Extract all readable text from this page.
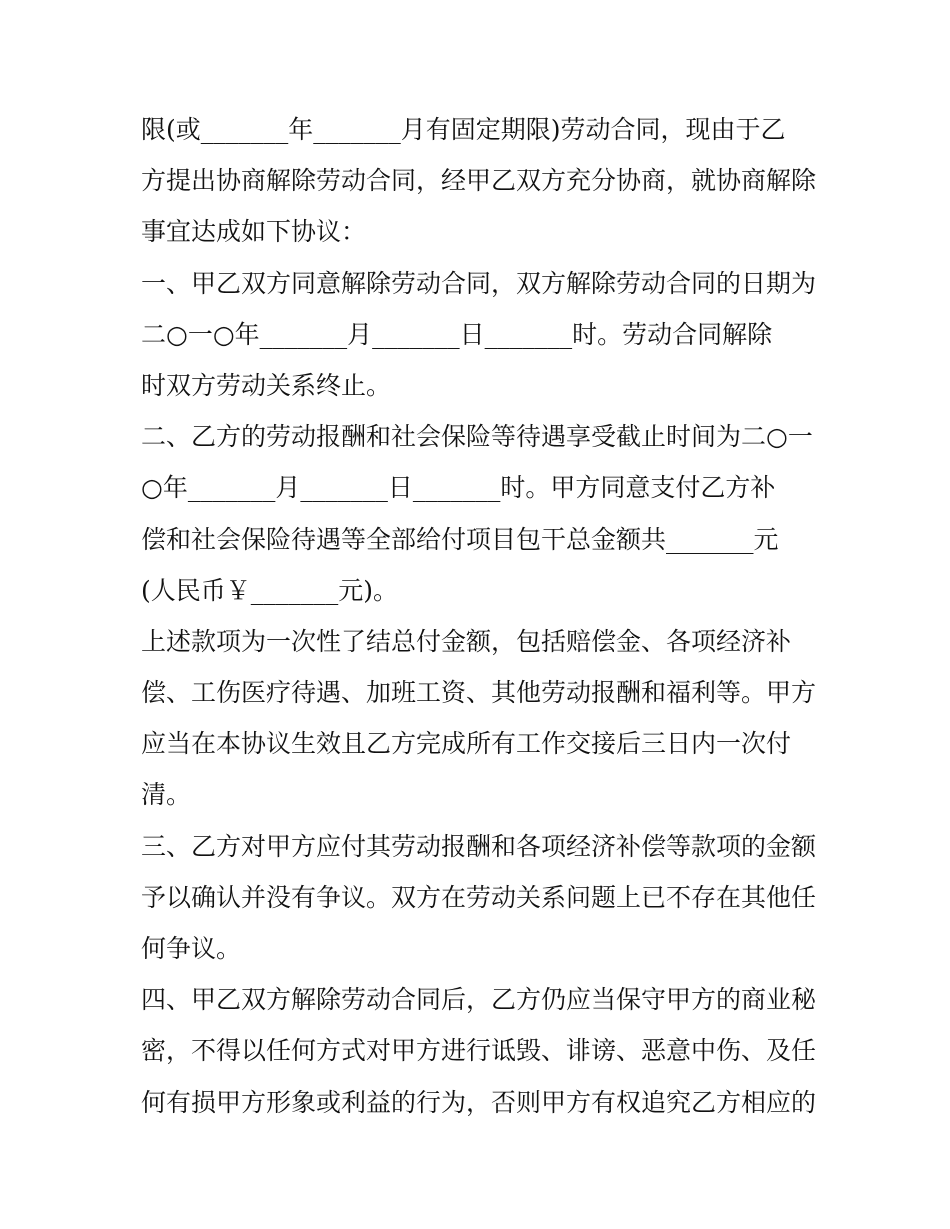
限(或_______年_______月有固定期限)劳动合同，现由于乙
方提出协商解除劳动合同，经甲乙双方充分协商，就协商解除
事宜达成如下协议：
一、甲乙双方同意解除劳动合同，双方解除劳动合同的日期为
二○一○年_______月_______日_______时。劳动合同解除
时双方劳动关系终止。
二、乙方的劳动报酬和社会保险等待遇享受截止时间为二○一
○年_______月_______日_______时。甲方同意支付乙方补
偿和社会保险待遇等全部给付项目包干总金额共_______元
(人民币￥_______元)。
上述款项为一次性了结总付金额，包括赔偿金、各项经济补
偿、工伤医疗待遇、加班工资、其他劳动报酬和福利等。甲方
应当在本协议生效且乙方完成所有工作交接后三日内一次付
清。
三、乙方对甲方应付其劳动报酬和各项经济补偿等款项的金额
予以确认并没有争议。双方在劳动关系问题上已不存在其他任
何争议。
四、甲乙双方解除劳动合同后，乙方仍应当保守甲方的商业秘
密，不得以任何方式对甲方进行诋毁、诽谤、恶意中伤、及任
何有损甲方形象或利益的行为，否则甲方有权追究乙方相应的
